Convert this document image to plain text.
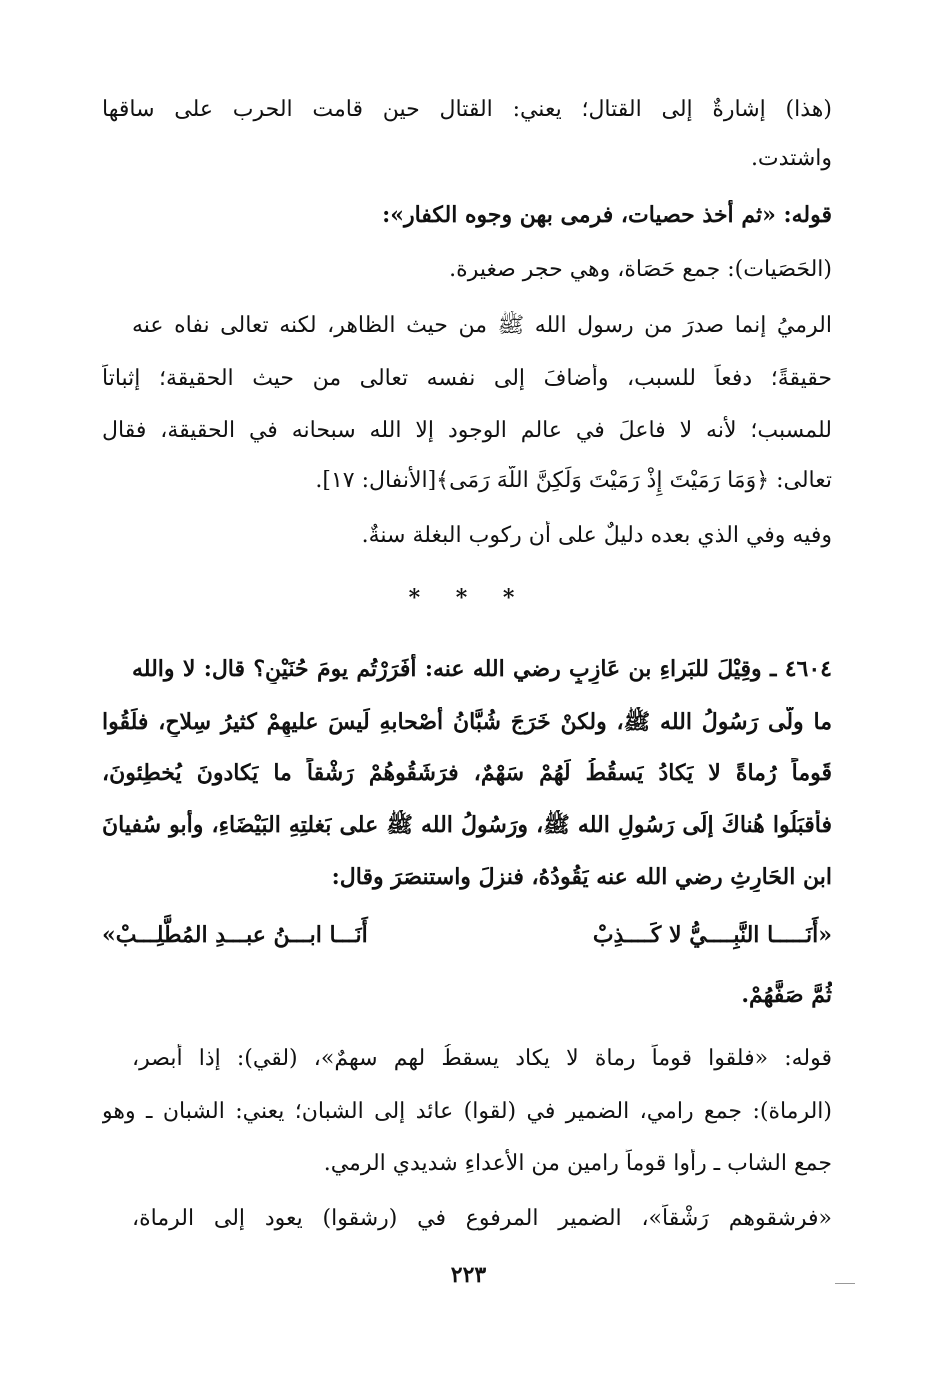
(هذا) إشارةٌ إلى القتال؛ يعني: القتال حين قامت الحرب على ساقها
واشتدت.
قوله: «ثم أخذ حصيات، فرمى بهن وجوه الكفار»:
(الحَصَيات): جمع حَصَاة، وهي حجر صغيرة.
الرميُ إنما صدرَ من رسول الله ﷺ من حيث الظاهر، لكنه تعالى نفاه عنه
حقيقةً؛ دفعاً للسبب، وأضافَ إلى نفسه تعالى من حيث الحقيقة؛ إثباتاً
للمسبب؛ لأنه لا فاعلَ في عالم الوجود إلا الله سبحانه في الحقيقة، فقال
تعالى: ﴿وَمَا رَمَيْتَ إِذْ رَمَيْتَ وَلَكِنَّ اللَّهَ رَمَى﴾[الأنفال: ١٧].
وفيه وفي الذي بعده دليلٌ على أن ركوب البغلة سنةٌ.
* * *
٤٦٠٤ ـ وقِيْلَ للبَراءِ بن عَازِبٍ رضي الله عنه: أَفَرَرْتُم يومَ حُنَيْنٍ؟ قال: لا والله
ما ولَّى رَسُولُ الله ﷺ، ولكنْ خَرَجَ شُبَّانُ أَصْحابهِ لَيسَ عليهِمْ كثيرُ سِلاحٍ، فلَقُوا
قَوماً رُماةً لا يَكادُ يَسقُطُ لَهُمْ سَهْمٌ، فرَشَقُوهُمْ رَشْقاً ما يَكادونَ يُخطِئونَ،
فأقبَلُوا هُناكَ إلَى رَسُولِ الله ﷺ، ورَسُولُ الله ﷺ على بَغلتِهِ البَيْضَاءِ، وأبو سُفيانَ
ابن الحَارِثِ رضي الله عنه يَقُودُهُ، فنزلَ واستنصَرَ وقال:
«أَنَـــــا النَّبِــــيُّ لا كَــــذِبْ
أَنَـــا ابـــنُ عبـــدِ المُطَّلِـــبْ»
ثُمَّ صَفَّهُمْ.
قوله: «فلقوا قوماً رماة لا يكاد يسقطُ لهم سهمٌ»، (لقي): إذا أبصر،
(الرماة): جمع رامي، الضمير في (لقوا) عائد إلى الشبان؛ يعني: الشبان ـ وهو
جمع الشاب ـ رأوا قوماً رامين من الأعداءِ شديدي الرمي.
«فرشقوهم رَشْقاً»، الضمير المرفوع في (رشقوا) يعود إلى الرماة،
٢٢٣
